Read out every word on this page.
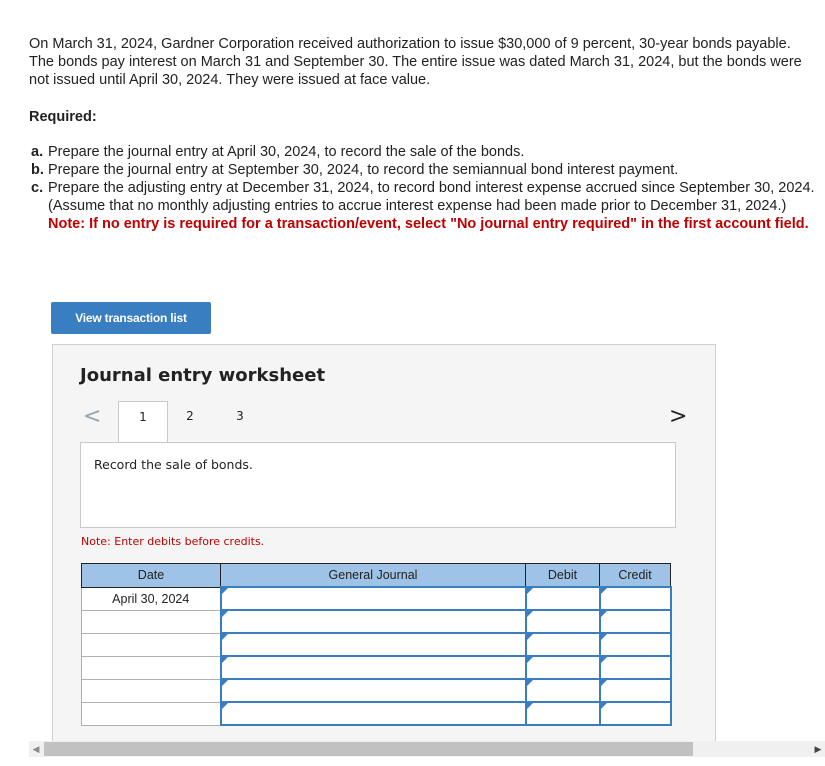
On March 31, 2024, Gardner Corporation received authorization to issue $30,000 of 9 percent, 30-year bonds payable. The bonds pay interest on March 31 and September 30. The entire issue was dated March 31, 2024, but the bonds were not issued until April 30, 2024. They were issued at face value.
Required:
a. Prepare the journal entry at April 30, 2024, to record the sale of the bonds.
b. Prepare the journal entry at September 30, 2024, to record the semiannual bond interest payment.
c. Prepare the adjusting entry at December 31, 2024, to record bond interest expense accrued since September 30, 2024. (Assume that no monthly adjusting entries to accrue interest expense had been made prior to December 31, 2024.)
Note: If no entry is required for a transaction/event, select "No journal entry required" in the first account field.
View transaction list
Journal entry worksheet
<	1	2	3	>
Record the sale of bonds.
Note: Enter debits before credits.
Date	General Journal	Debit	Credit
April 30, 2024	

◀	▶
